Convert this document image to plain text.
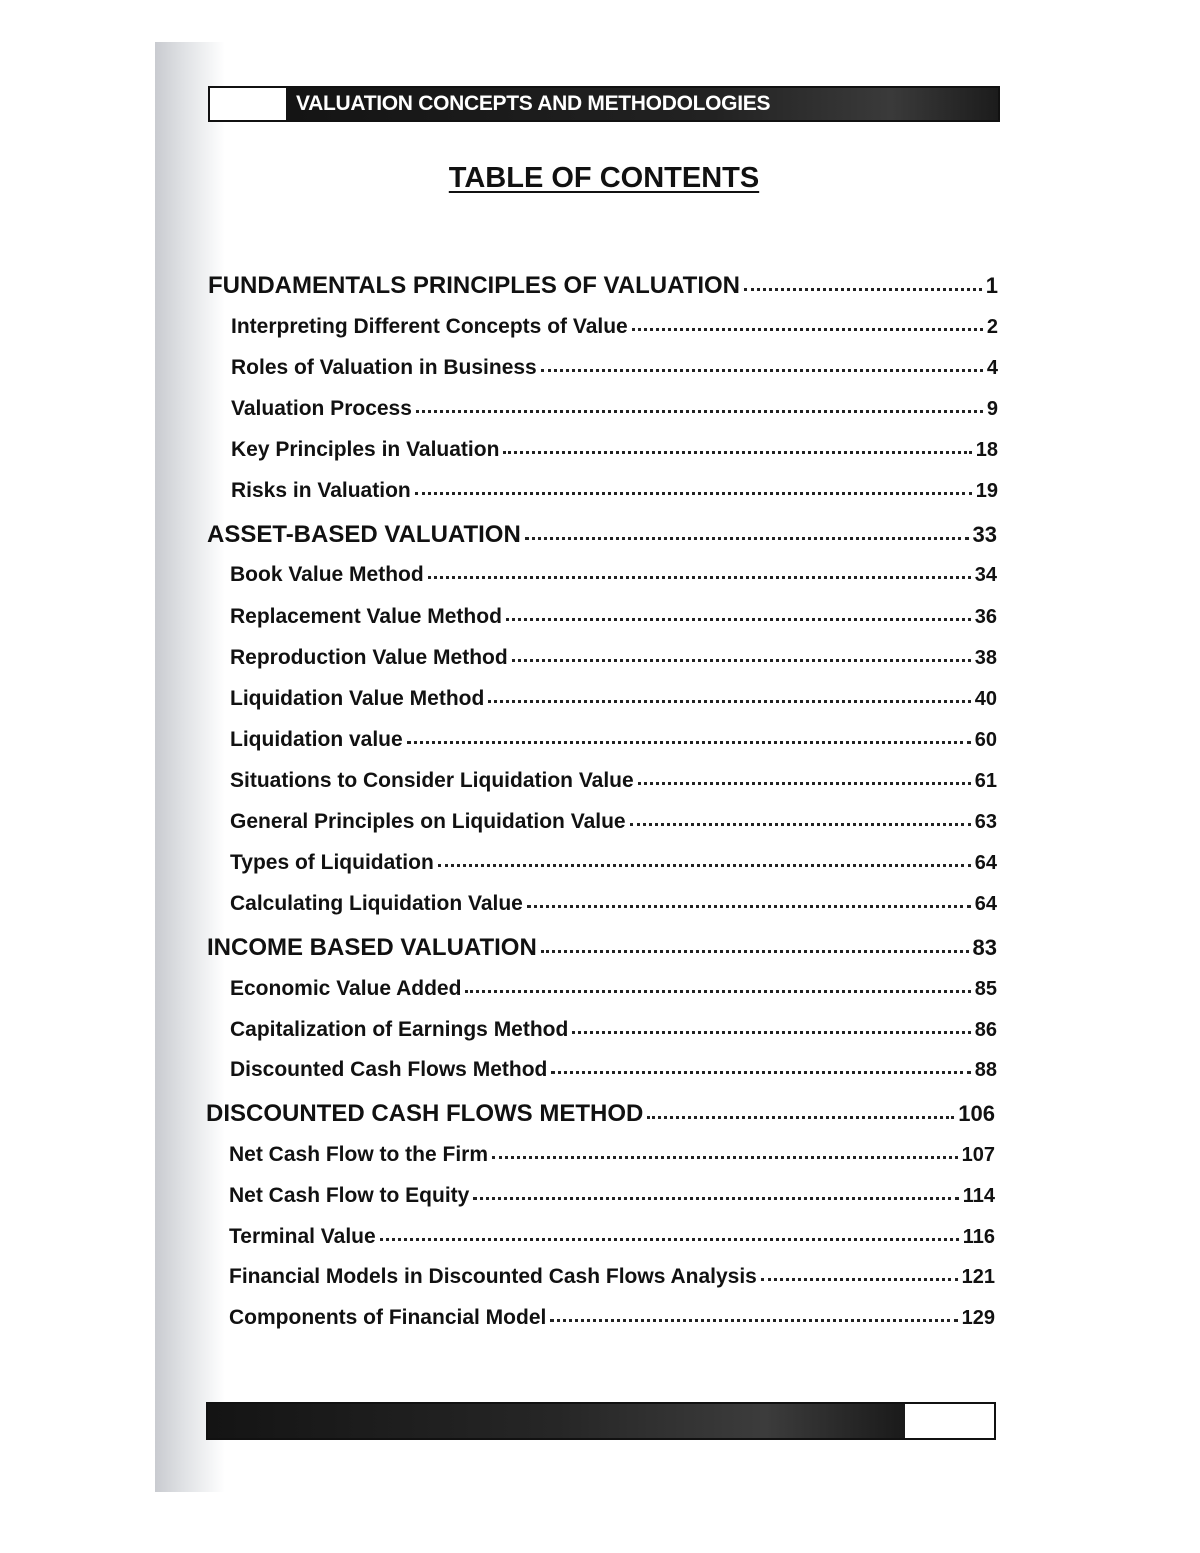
VALUATION CONCEPTS AND METHODOLOGIES
TABLE OF CONTENTS
FUNDAMENTALS PRINCIPLES OF VALUATION	1
Interpreting Different Concepts of Value	2
Roles of Valuation in Business	4
Valuation Process	9
Key Principles in Valuation	18
Risks in Valuation	19
ASSET-BASED VALUATION	33
Book Value Method	34
Replacement Value Method	36
Reproduction Value Method	38
Liquidation Value Method	40
Liquidation value	60
Situations to Consider Liquidation Value	61
General Principles on Liquidation Value	63
Types of Liquidation	64
Calculating Liquidation Value	64
INCOME BASED VALUATION	83
Economic Value Added	85
Capitalization of Earnings Method	86
Discounted Cash Flows Method	88
DISCOUNTED CASH FLOWS METHOD	106
Net Cash Flow to the Firm	107
Net Cash Flow to Equity	114
Terminal Value	116
Financial Models in Discounted Cash Flows Analysis	121
Components of Financial Model	129
